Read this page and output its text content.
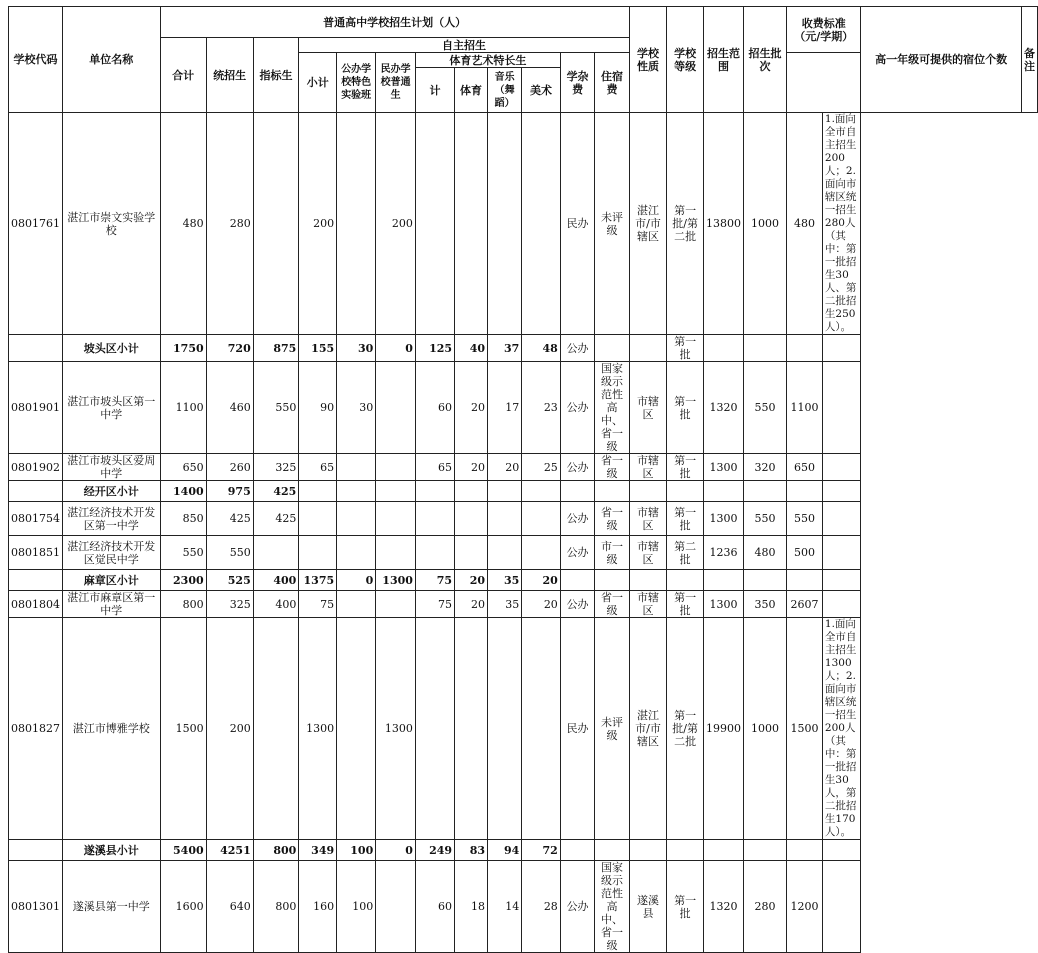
学校代码	单位名称	普通高中学校招生计划（人）												学校性质	学校等级	招生范围	招生批次	收费标准（元/学期）		高一年级可提供的宿位个数	备注
		合计	统招生	指标生	自主招生																
					小计	公办学校特色实验班	民办学校普通生	体育艺术特长生				学杂费	住宿费								
								计	体育	音乐（舞蹈）	美术										
0801761	湛江市崇文实验学校	480	280		200		200					民办	未评级	湛江市/市辖区	第一批/第二批	13800	1000	480	1.面向全市自主招生200人；2.面向市辖区统一招生280人（其中：第一批招生30人、第二批招生250人）。		
	坡头区小计	1750	720	875	155	30	0	125	40	37	48	公办			第一批						
0801901	湛江市坡头区第一中学	1100	460	550	90	30		60	20	17	23	公办	国家级示范性高中、省一级	市辖区	第一批	1320	550	1100			
0801902	湛江市坡头区爱周中学	650	260	325	65			65	20	20	25	公办	省一级	市辖区	第一批	1300	320	650			
	经开区小计	1400	975	425																	
0801754	湛江经济技术开发区第一中学	850	425	425								公办	省一级	市辖区	第一批	1300	550	550			
0801851	湛江经济技术开发区觉民中学	550	550									公办	市一级	市辖区	第二批	1236	480	500			
	麻章区小计	2300	525	400	1375	0	1300	75	20	35	20										
0801804	湛江市麻章区第一中学	800	325	400	75			75	20	35	20	公办	省一级	市辖区	第一批	1300	350	2607			
0801827	湛江市博雅学校	1500	200		1300		1300					民办	未评级	湛江市/市辖区	第一批/第二批	19900	1000	1500	1.面向全市自主招生1300人；2.面向市辖区统一招生200人（其中：第一批招生30人，第二批招生170人）。		
	遂溪县小计	5400	4251	800	349	100	0	249	83	94	72										
0801301	遂溪县第一中学	1600	640	800	160	100		60	18	14	28	公办	国家级示范性高中、省一级	遂溪县	第一批	1320	280	1200			
